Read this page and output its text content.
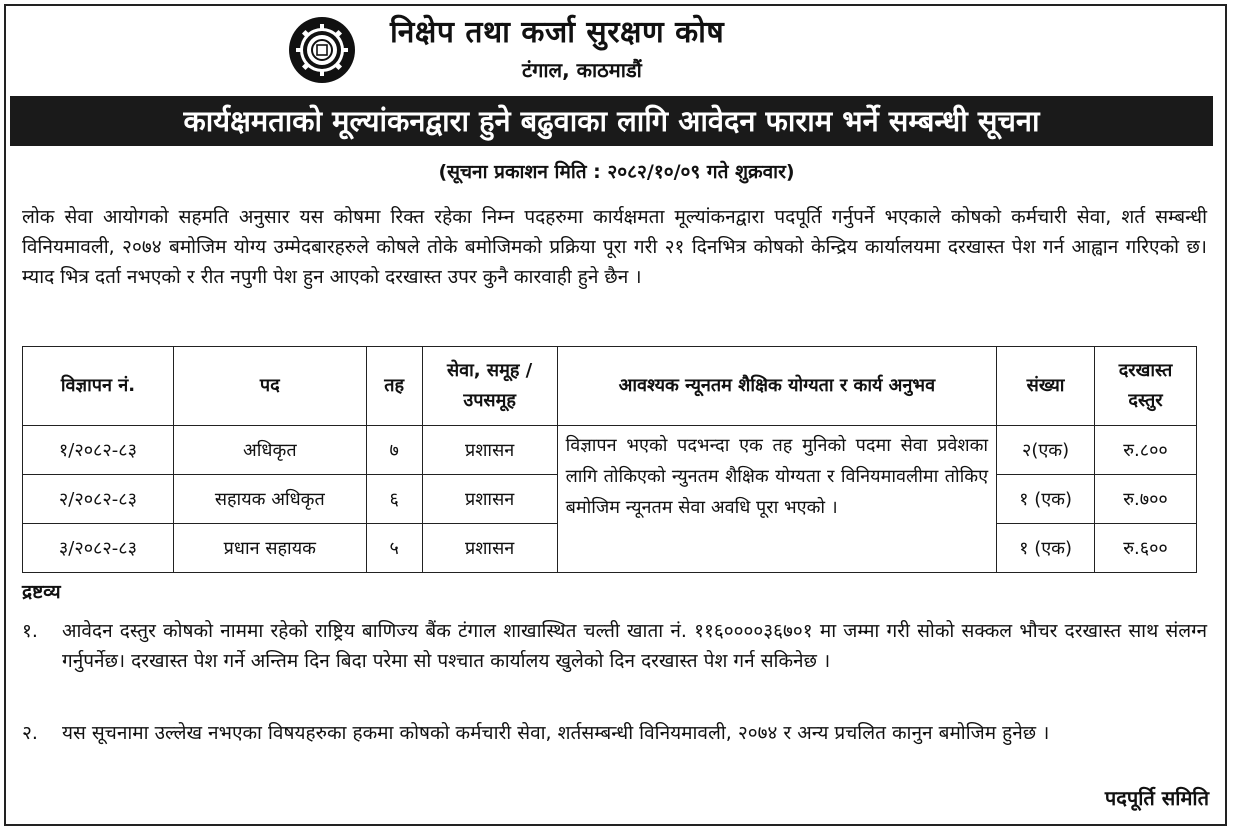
निक्षेप तथा कर्जा सुरक्षण कोष
टंगाल, काठमाडौं
कार्यक्षमताको मूल्यांकनद्वारा हुने बढुवाका लागि आवेदन फाराम भर्ने सम्बन्धी सूचना
(सूचना प्रकाशन मिति : २०८२/१०/०९ गते शुक्रवार)
लोक सेवा आयोगको सहमति अनुसार यस कोषमा रिक्त रहेका निम्न पदहरुमा कार्यक्षमता मूल्यांकनद्वारा पदपूर्ति गर्नुपर्ने भएकाले कोषको कर्मचारी सेवा, शर्त सम्बन्धी विनियमावली, २०७४ बमोजिम योग्य उम्मेदबारहरुले कोषले तोके बमोजिमको प्रक्रिया पूरा गरी २१ दिनभित्र कोषको केन्द्रिय कार्यालयमा दरखास्त पेश गर्न आह्वान गरिएको छ। म्याद भित्र दर्ता नभएको र रीत नपुगी पेश हुन आएको दरखास्त उपर कुनै कारवाही हुने छैन ।
विज्ञापन नं.	पद	तह	सेवा, समूह /उपसमूह	आवश्यक न्यूनतम शैक्षिक योग्यता र कार्य अनुभव	संख्या	दरखास्त दस्तुर
१/२०८२-८३	अधिकृत	७	प्रशासन	विज्ञापन भएको पदभन्दा एक तह मुनिको पदमा सेवा प्रवेशका लागि तोकिएको न्युनतम शैक्षिक योग्यता र विनियमावलीमा तोकिए बमोजिम न्यूनतम सेवा अवधि पूरा भएको ।	२(एक)	रु.८००
२/२०८२-८३	सहायक अधिकृत	६	प्रशासन		१ (एक)	रु.७००
३/२०८२-८३	प्रधान सहायक	५	प्रशासन		१ (एक)	रु.६००
द्रष्टव्य
१.	आवेदन दस्तुर कोषको नाममा रहेको राष्ट्रिय बाणिज्य बैंक टंगाल शाखास्थित चल्ती खाता नं. ११६००००३६७०१ मा जम्मा गरी सोको सक्कल भौचर दरखास्त साथ संलग्न गर्नुपर्नेछ। दरखास्त पेश गर्ने अन्तिम दिन बिदा परेमा सो पश्चात कार्यालय खुलेको दिन दरखास्त पेश गर्न सकिनेछ ।
२.	यस सूचनामा उल्लेख नभएका विषयहरुका हकमा कोषको कर्मचारी सेवा, शर्तसम्बन्धी विनियमावली, २०७४ र अन्य प्रचलित कानुन बमोजिम हुनेछ ।
पदपूर्ति समिति
